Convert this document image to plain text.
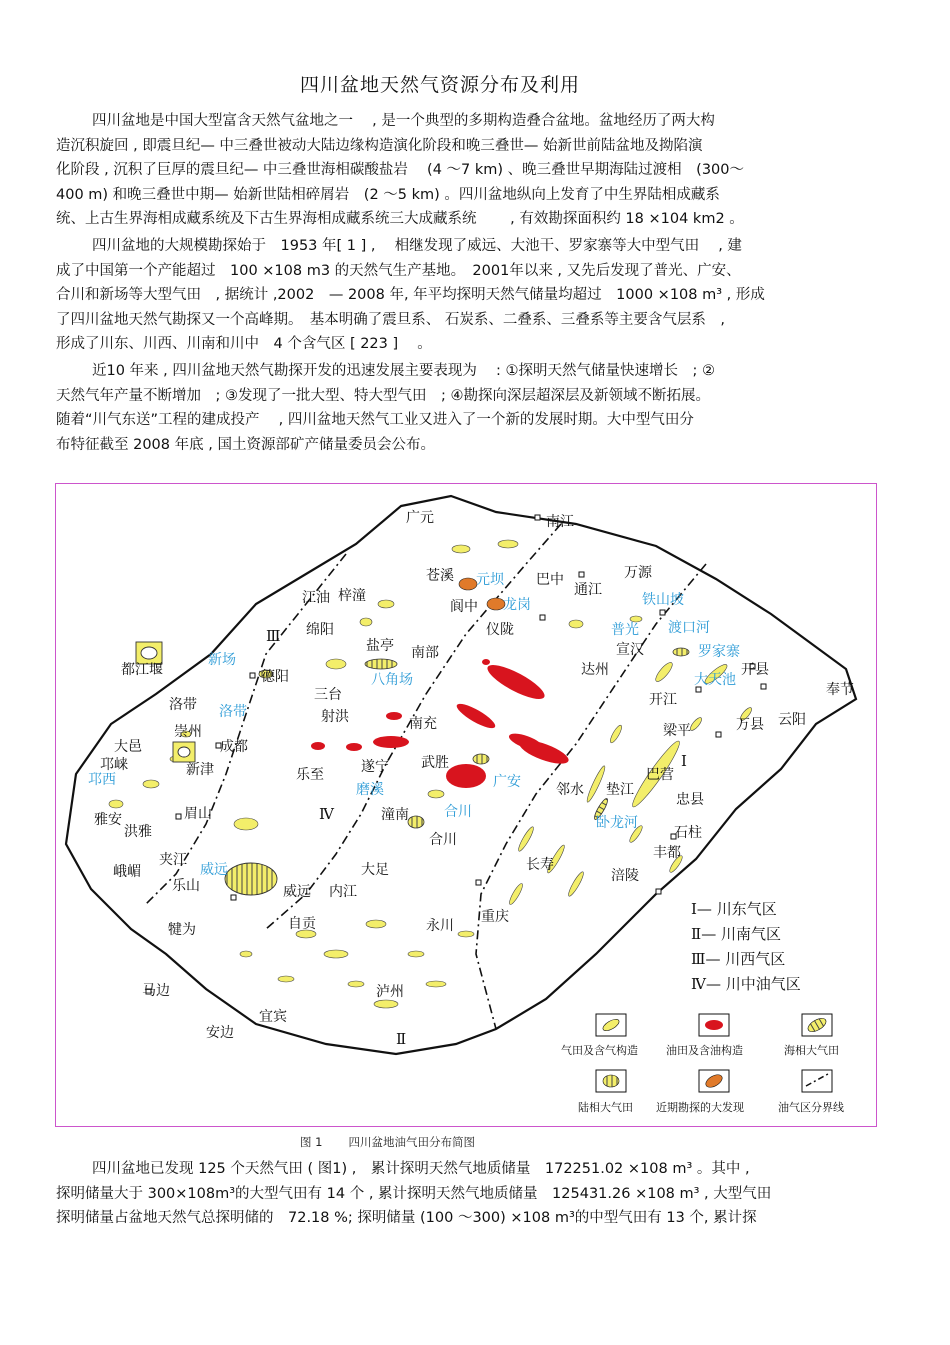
四川盆地天然气资源分布及利用
四川盆地是中国大型富含天然气盆地之一　 , 是一个典型的多期构造叠合盆地。盆地经历了两大构
造沉积旋回 , 即震旦纪— 中三叠世被动大陆边缘构造演化阶段和晚三叠世— 始新世前陆盆地及拗陷演
化阶段 , 沉积了巨厚的震旦纪— 中三叠世海相碳酸盐岩　 (4 ～7 km) 、晚三叠世早期海陆过渡相　(300～
400 m) 和晚三叠世中期— 始新世陆相碎屑岩　(2 ～5 km) 。四川盆地纵向上发育了中生界陆相成藏系
统、上古生界海相成藏系统及下古生界海相成藏系统三大成藏系统　　 , 有效勘探面积约 18 ×104 km2 。
四川盆地的大规模勘探始于　1953 年[ 1 ] ,　 相继发现了威远、大池干、罗家寨等大中型气田　 , 建
成了中国第一个产能超过　100 ×108 m3 的天然气生产基地。　2001年以来 , 又先后发现了普光、广安、
合川和新场等大型气田　, 据统计 ,2002　— 2008 年, 年平均探明天然气储量均超过　1000 ×108 m³ , 形成
了四川盆地天然气勘探又一个高峰期。　基本明确了震旦系、 石炭系、二叠系、三叠系等主要含气层系　,
形成了川东、川西、川南和川中　4 个含气区 [ 223 ]　 。
近10 年来 , 四川盆地天然气勘探开发的迅速发展主要表现为　 : ①探明天然气储量快速增长　; ②
天然气年产量不断增加　; ③发现了一批大型、特大型气田　; ④勘探向深层超深层及新领域不断拓展。
随着“川气东送”工程的建成投产　 , 四川盆地天然气工业又进入了一个新的发展时期。大中型气田分
布特征截至 2008 年底 , 国土资源部矿产储量委员会公布。
Ⅰ
Ⅱ
Ⅲ
Ⅳ
广元	南江
苍溪	巴中	万源
江油 梓潼	通江
绵阳
阆中
仪陇
盐亭 南部	宣汉
都江堰	德阳	达州	开县
奉节
洛带
三台
射洪	南充
开江
崇州
成都
梁平	万县 云阳
大邑
邛崃	新津	遂宁 武胜
巴营
乐至
邻水 垫江
忠县
雅安	眉山	潼南
石柱
洪雅	合川
丰都
夹江
大足	长寿
峨嵋
乐山	威远 内江
涪陵
自贡
犍为	永川
重庆
马边	泸州
宜宾
安边
元坝
龙岗	铁山坡
普光 渡口河
新场	罗家寨
八角场	大天池
洛带
邛西
磨溪	广安
合川
卧龙河
威远
Ⅰ— 川东气区
Ⅱ— 川南气区
Ⅲ— 川西气区
Ⅳ— 川中油气区
气田及含气构造	油田及含油构造	海相大气田
陆相大气田 近期勘探的大发现	油气区分界线
图 1 四川盆地油气田分布简图
四川盆地已发现 125 个天然气田 ( 图1) ,　累计探明天然气地质储量　172251.02 ×108 m³ 。其中 ,
探明储量大于 300×108m³的大型气田有 14 个 , 累计探明天然气地质储量　125431.26 ×108 m³ , 大型气田
探明储量占盆地天然气总探明储的　72.18 %; 探明储量 (100 ～300) ×108 m³的中型气田有 13 个, 累计探
